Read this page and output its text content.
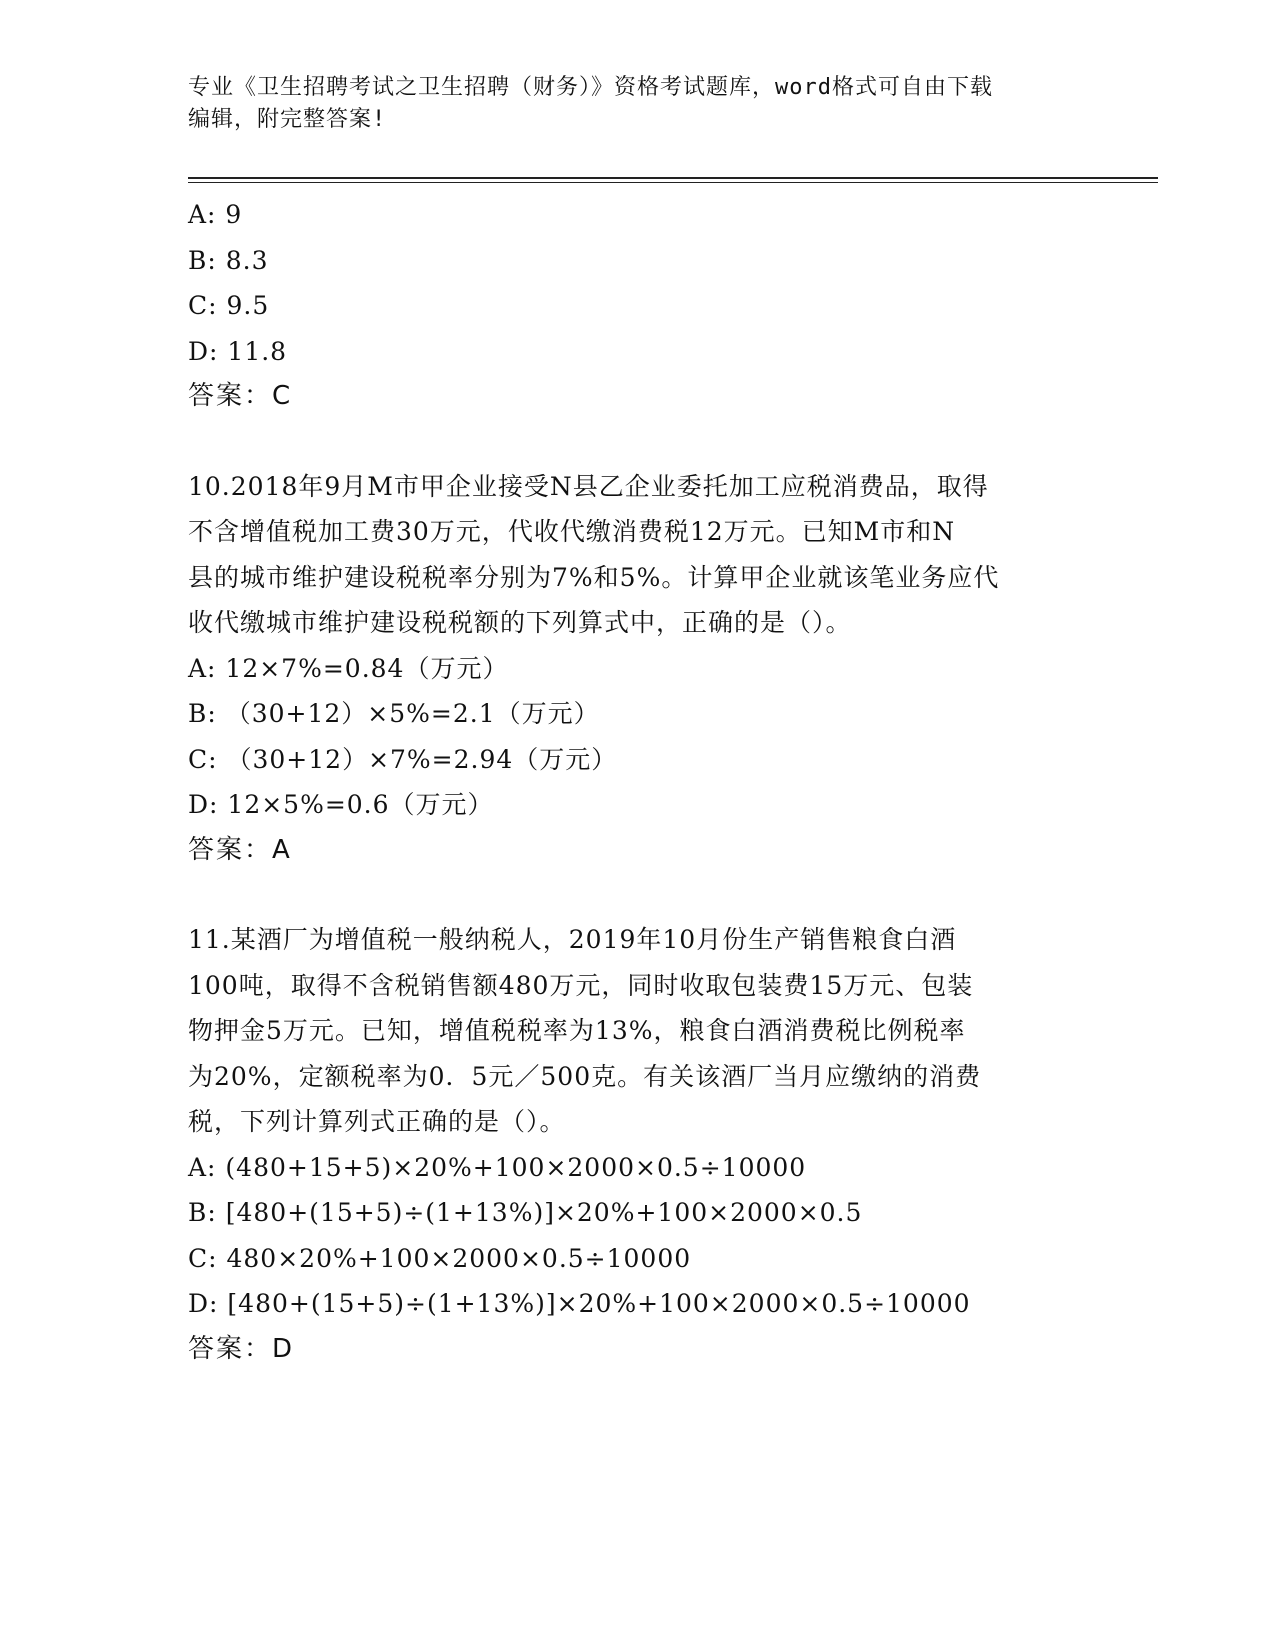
专业《卫生招聘考试之卫生招聘（财务）》资格考试题库，word格式可自由下载
编辑，附完整答案!
A: 9
B: 8.3
C: 9.5
D: 11.8
答案：C
10.2018年9月M市甲企业接受N县乙企业委托加工应税消费品，取得
不含增值税加工费30万元，代收代缴消费税12万元。已知M市和N
县的城市维护建设税税率分别为7%和5%。计算甲企业就该笔业务应代
收代缴城市维护建设税税额的下列算式中，正确的是（）。
A: 12×7%=0.84（万元）
B: （30+12）×5%=2.1（万元）
C: （30+12）×7%=2.94（万元）
D: 12×5%=0.6（万元）
答案：A
11.某酒厂为增值税一般纳税人，2019年10月份生产销售粮食白酒
100吨，取得不含税销售额480万元，同时收取包装费15万元、包装
物押金5万元。已知，增值税税率为13%，粮食白酒消费税比例税率
为20%，定额税率为0．5元／500克。有关该酒厂当月应缴纳的消费
税，下列计算列式正确的是（）。
A: (480+15+5)×20%+100×2000×0.5÷10000
B: [480+(15+5)÷(1+13%)]×20%+100×2000×0.5
C: 480×20%+100×2000×0.5÷10000
D: [480+(15+5)÷(1+13%)]×20%+100×2000×0.5÷10000
答案：D
